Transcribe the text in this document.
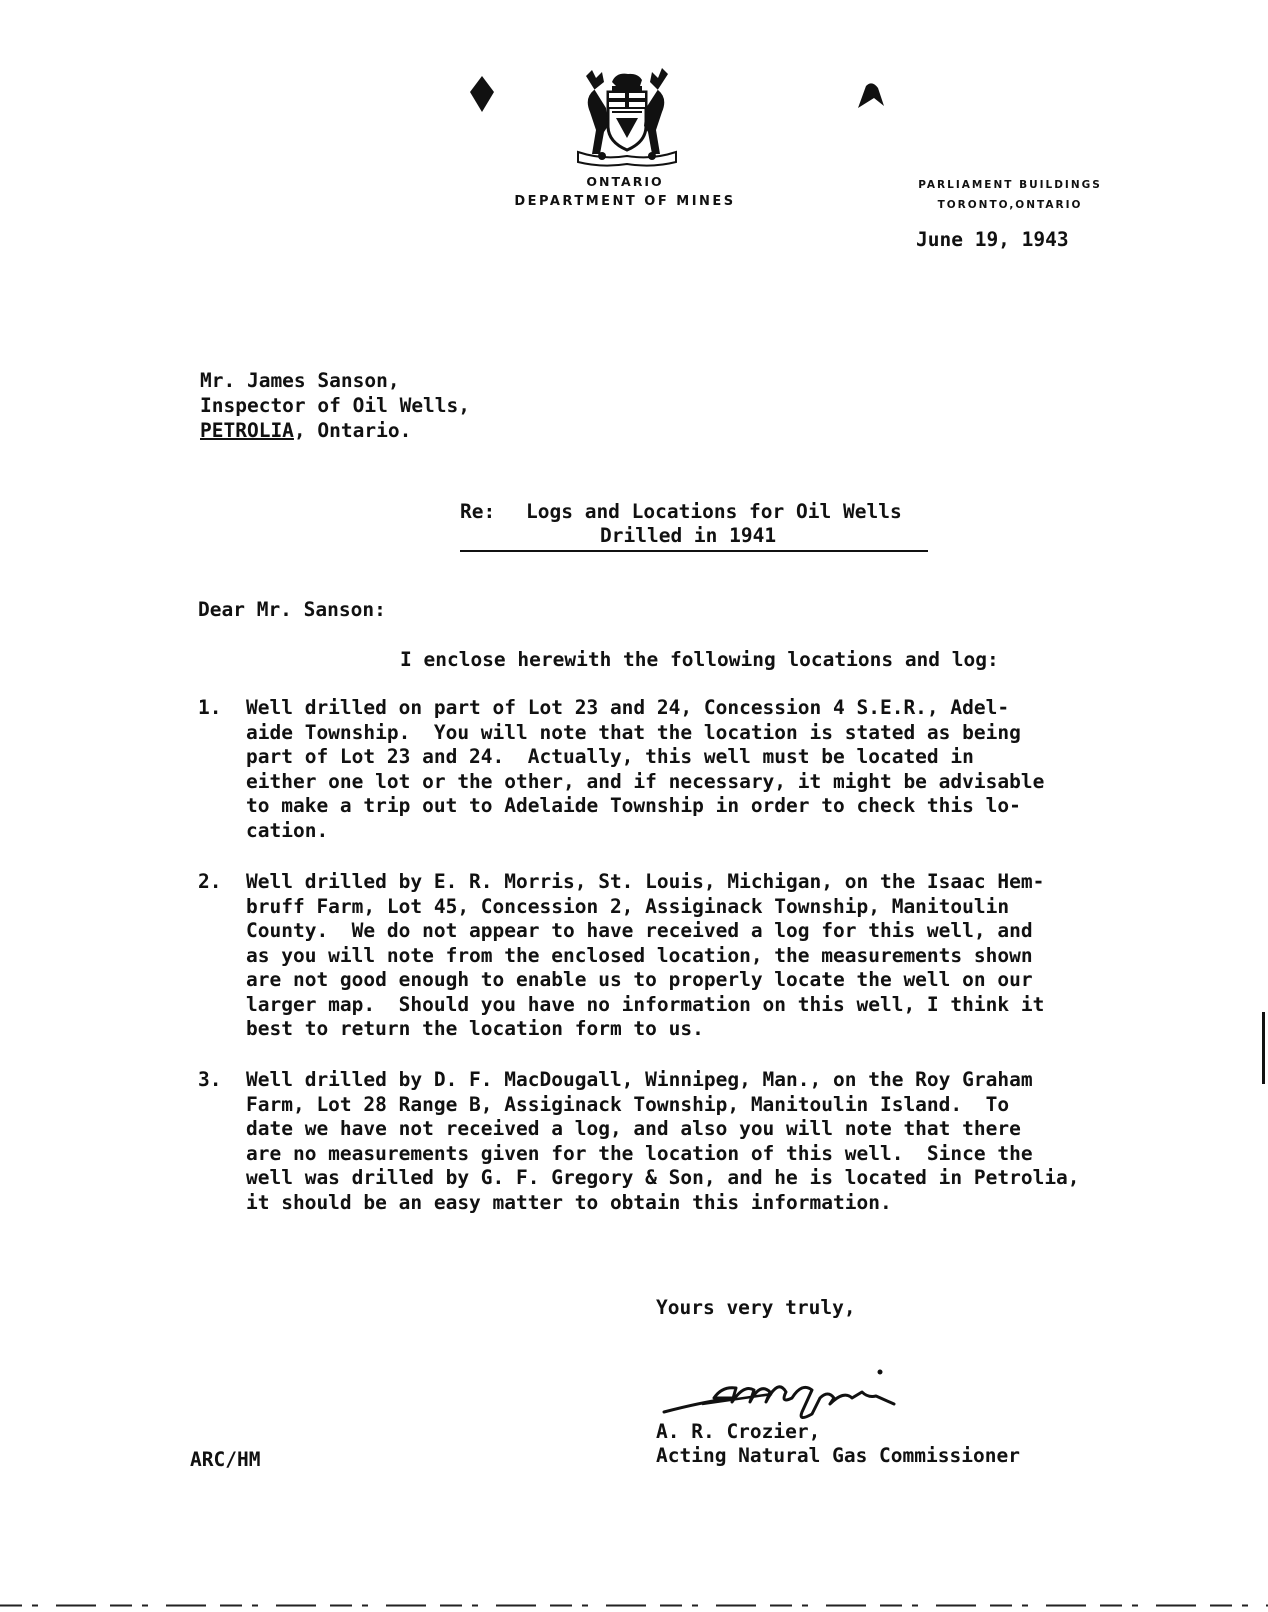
ONTARIO
DEPARTMENT OF MINES
PARLIAMENT BUILDINGS
TORONTO,ONTARIO
June 19, 1943
Mr. James Sanson,
Inspector of Oil Wells,
PETROLIA, Ontario.
Re: Logs and Locations for Oil Wells
Drilled in 1941
Dear Mr. Sanson:
I enclose herewith the following locations and log:
1. Well drilled on part of Lot 23 and 24, Concession 4 S.E.R., Adel-
aide Township.  You will note that the location is stated as being
part of Lot 23 and 24.  Actually, this well must be located in
either one lot or the other, and if necessary, it might be advisable
to make a trip out to Adelaide Township in order to check this lo-
cation.
2. Well drilled by E. R. Morris, St. Louis, Michigan, on the Isaac Hem-
bruff Farm, Lot 45, Concession 2, Assiginack Township, Manitoulin
County.  We do not appear to have received a log for this well, and
as you will note from the enclosed location, the measurements shown
are not good enough to enable us to properly locate the well on our
larger map.  Should you have no information on this well, I think it
best to return the location form to us.
3. Well drilled by D. F. MacDougall, Winnipeg, Man., on the Roy Graham
Farm, Lot 28 Range B, Assiginack Township, Manitoulin Island.  To
date we have not received a log, and also you will note that there
are no measurements given for the location of this well.  Since the
well was drilled by G. F. Gregory & Son, and he is located in Petrolia,
it should be an easy matter to obtain this information.
Yours very truly,
A. R. Crozier,
Acting Natural Gas Commissioner
ARC/HM
